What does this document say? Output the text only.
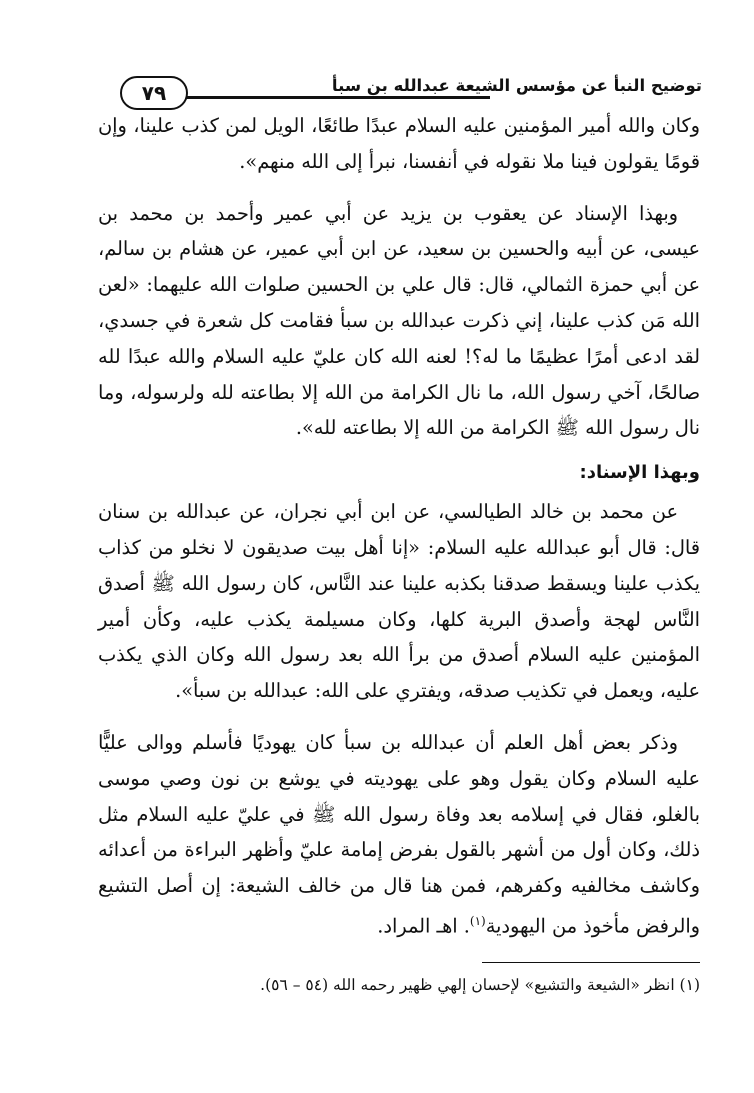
توضيح النبأ عن مؤسس الشيعة عبدالله بن سبأ
٧٩

وكان والله أمير المؤمنين عليه السلام عبدًا طائعًا، الويل لمن كذب علينا، وإن قومًا يقولون فينا ملا نقوله في أنفسنا، نبرأ إلى الله منهم».

وبهذا الإسناد عن يعقوب بن يزيد عن أبي عمير وأحمد بن محمد بن عيسى، عن أبيه والحسين بن سعيد، عن ابن أبي عمير، عن هشام بن سالم، عن أبي حمزة الثمالي، قال: قال علي بن الحسين صلوات الله عليهما: «لعن الله مَن كذب علينا، إني ذكرت عبدالله بن سبأ فقامت كل شعرة في جسدي، لقد ادعى أمرًا عظيمًا ما له؟! لعنه الله كان عليّ عليه السلام والله عبدًا لله صالحًا، آخي رسول الله، ما نال الكرامة من الله إلا بطاعته لله ولرسوله، وما نال رسول الله ﷺ الكرامة من الله إلا بطاعته لله».

وبهذا الإسناد:

عن محمد بن خالد الطيالسي، عن ابن أبي نجران، عن عبدالله بن سنان قال: قال أبو عبدالله عليه السلام: «إنا أهل بيت صديقون لا نخلو من كذاب يكذب علينا ويسقط صدقنا بكذبه علينا عند النَّاس، كان رسول الله ﷺ أصدق النَّاس لهجة وأصدق البرية كلها، وكان مسيلمة يكذب عليه، وكأن أمير المؤمنين عليه السلام أصدق من برأ الله بعد رسول الله وكان الذي يكذب عليه، ويعمل في تكذيب صدقه، ويفتري على الله: عبدالله بن سبأ».

وذكر بعض أهل العلم أن عبدالله بن سبأ كان يهوديًا فأسلم ووالى عليًّا عليه السلام وكان يقول وهو على يهوديته في يوشع بن نون وصي موسى بالغلو، فقال في إسلامه بعد وفاة رسول الله ﷺ في عليّ عليه السلام مثل ذلك، وكان أول من أشهر بالقول بفرض إمامة عليّ وأظهر البراءة من أعدائه وكاشف مخالفيه وكفرهم، فمن هنا قال من خالف الشيعة: إن أصل التشيع والرفض مأخوذ من اليهودية$^{(١)}$. اهـ المراد.

(١) انظر «الشيعة والتشيع» لإحسان إلهي ظهير رحمه الله (٥٤ – ٥٦).
